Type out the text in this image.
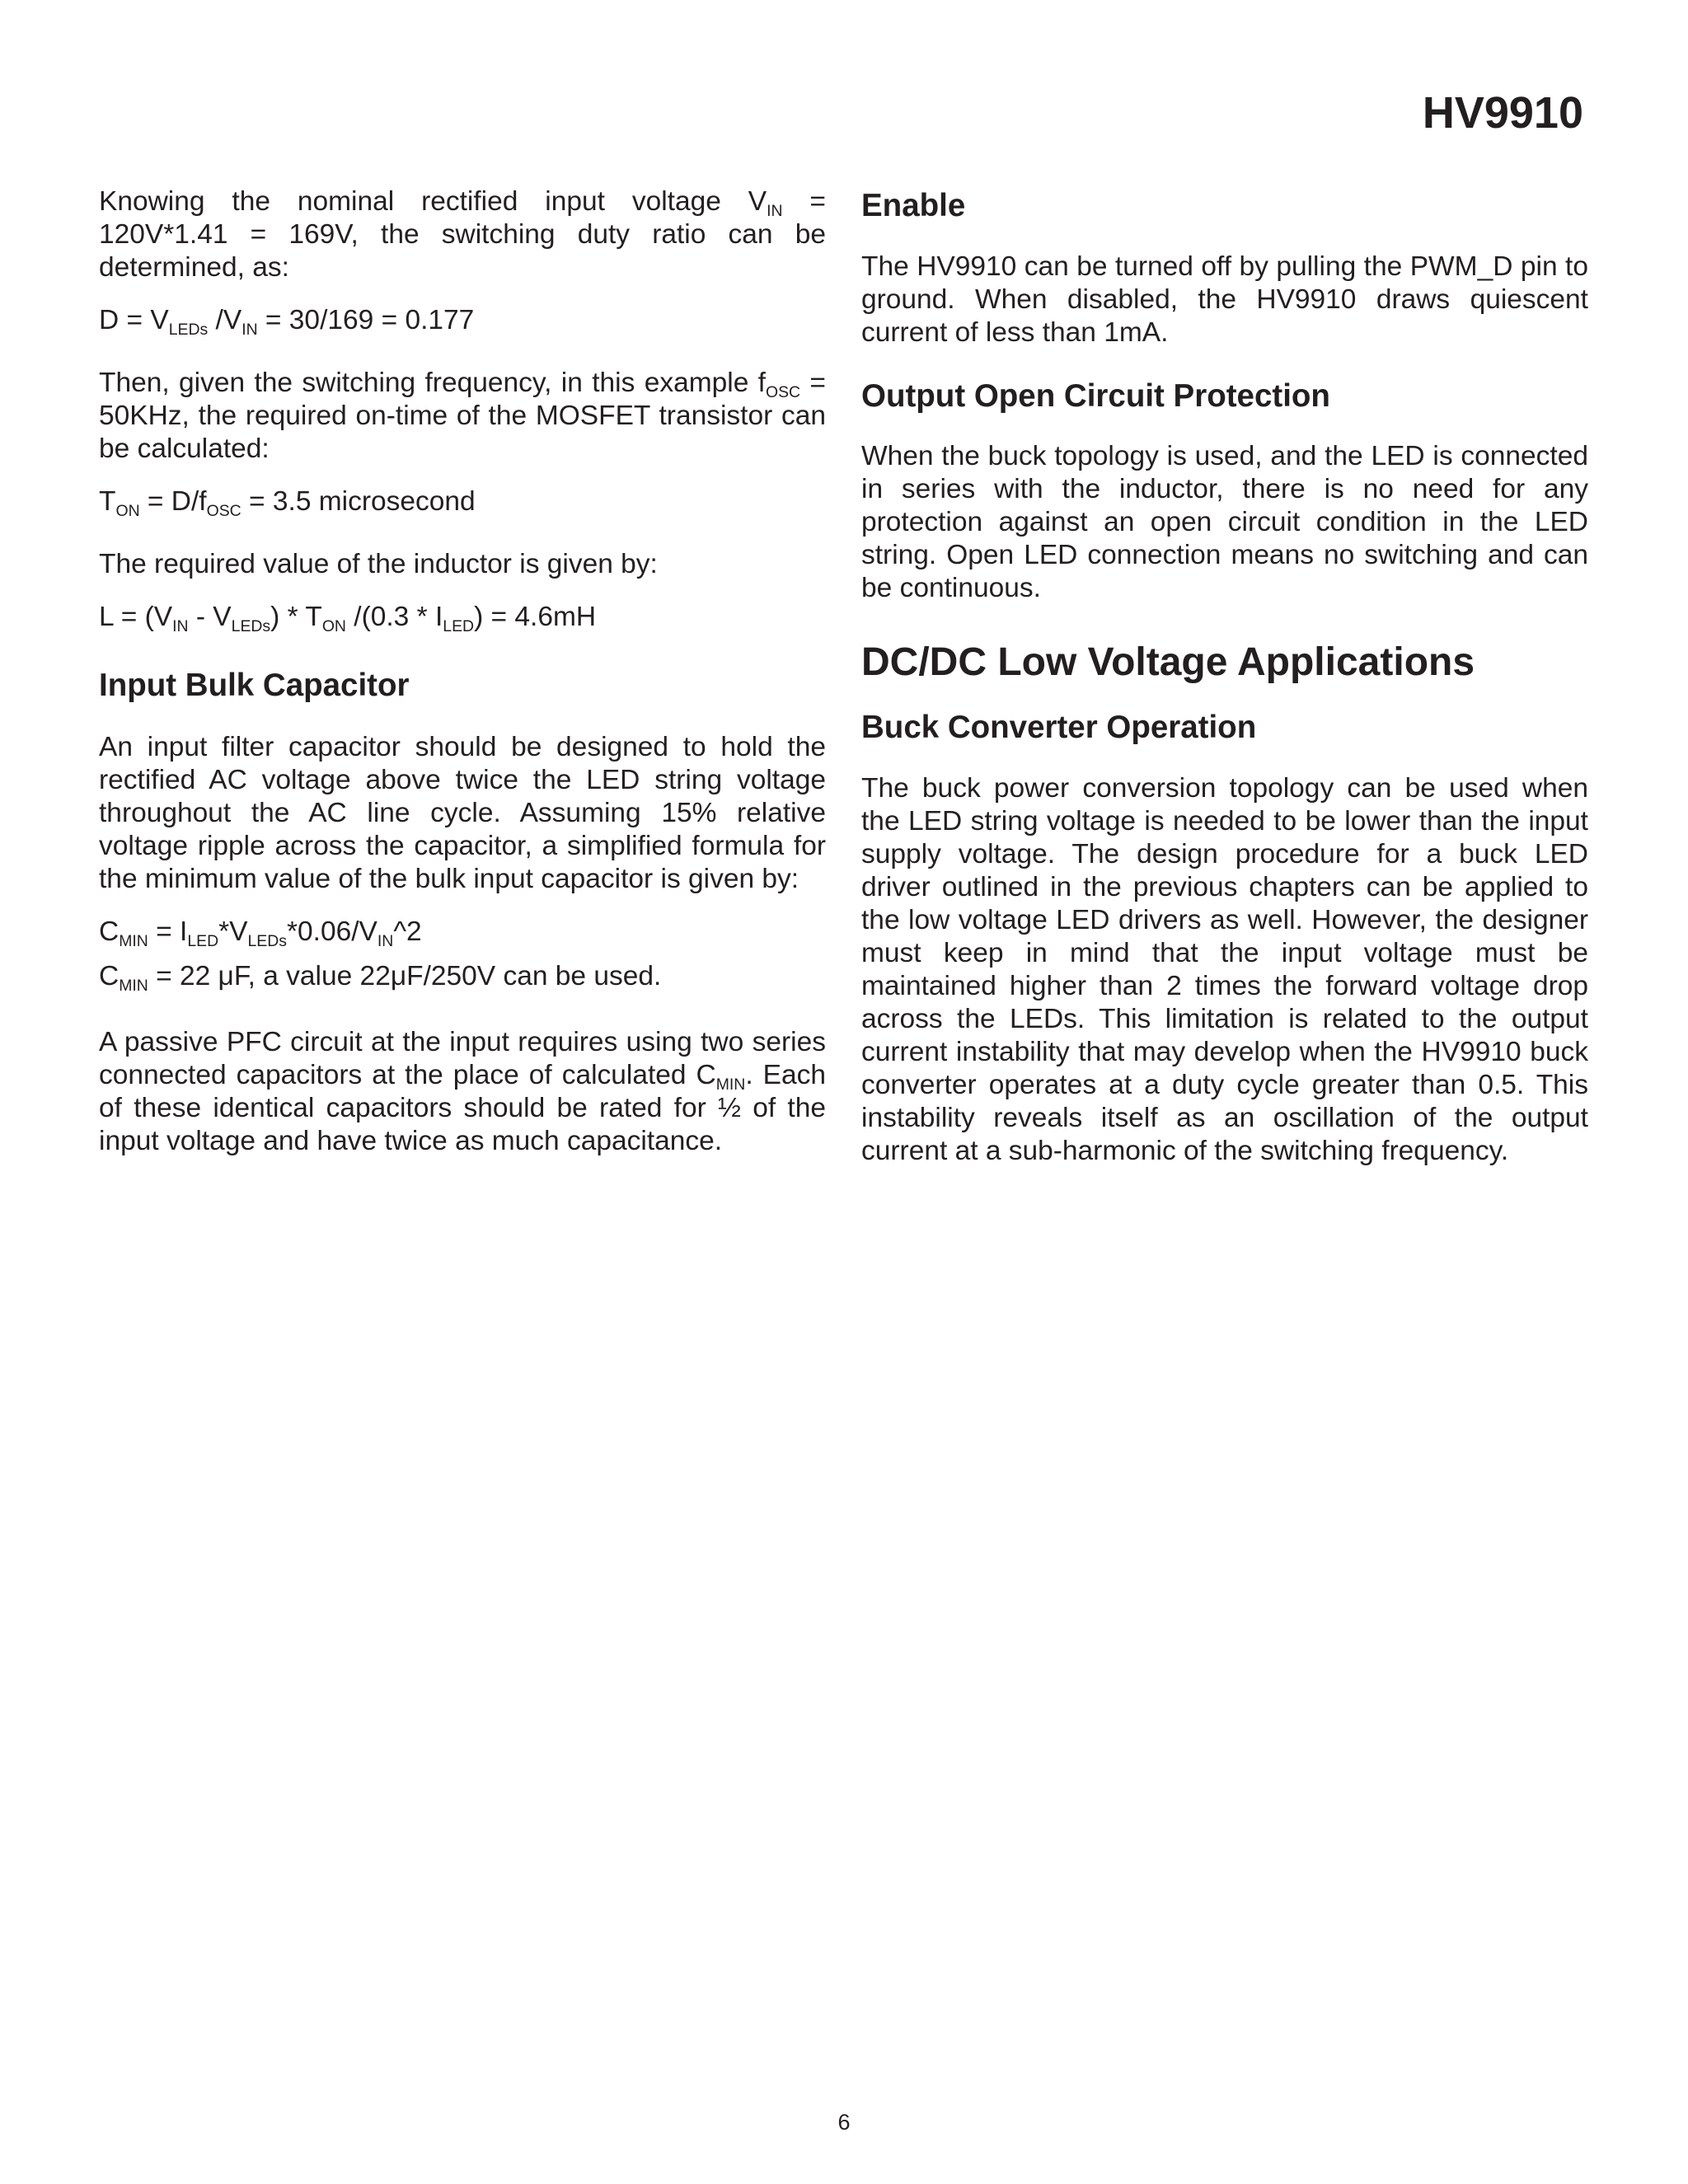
HV9910

Knowing the nominal rectified input voltage $V_{IN} = 120V*1.41 = 169V$, the switching duty ratio can be determined, as:

$D = V_{LEDs}$ $/V_{IN} = 30/169 = 0.177$

Then, given the switching frequency, in this example $f_{OSC} = 50KHz$, the required on-time of the MOSFET transistor can be calculated:

$T_{ON} = D/f_{OSC} = 3.5$ microsecond

The required value of the inductor is given by:

$L = (V_{IN} - V_{LEDs}) * T_{ON}$ $/(0.3 * I_{LED}) = 4.6mH$

Input Bulk Capacitor

An input filter capacitor should be designed to hold the rectified AC voltage above twice the LED string voltage throughout the AC line cycle. Assuming 15% relative voltage ripple across the capacitor, a simplified formula for the minimum value of the bulk input capacitor is given by:

$C_{MIN}$ = $I_{LED}*V_{LEDs}*0.06/V_{IN}\^{}2$

$C_{MIN} = 22$ μF, a value 22μF/250V can be used.

A passive PFC circuit at the input requires using two series connected capacitors at the place of calculated $C_{MIN}$. Each of these identical capacitors should be rated for ½ of the input voltage and have twice as much capacitance.

Enable

The HV9910 can be turned off by pulling the PWM_D pin to ground. When disabled, the HV9910 draws quiescent current of less than 1mA.

Output Open Circuit Protection

When the buck topology is used, and the LED is connected in series with the inductor, there is no need for any protection against an open circuit condition in the LED string. Open LED connection means no switching and can be continuous.

DC/DC Low Voltage Applications
Buck Converter Operation

The buck power conversion topology can be used when the LED string voltage is needed to be lower than the input supply voltage. The design procedure for a buck LED driver outlined in the previous chapters can be applied to the low voltage LED drivers as well. However, the designer must keep in mind that the input voltage must be maintained higher than 2 times the forward voltage drop across the LEDs. This limitation is related to the output current instability that may develop when the HV9910 buck converter operates at a duty cycle greater than 0.5. This instability reveals itself as an oscillation of the output current at a sub-harmonic of the switching frequency.

6
